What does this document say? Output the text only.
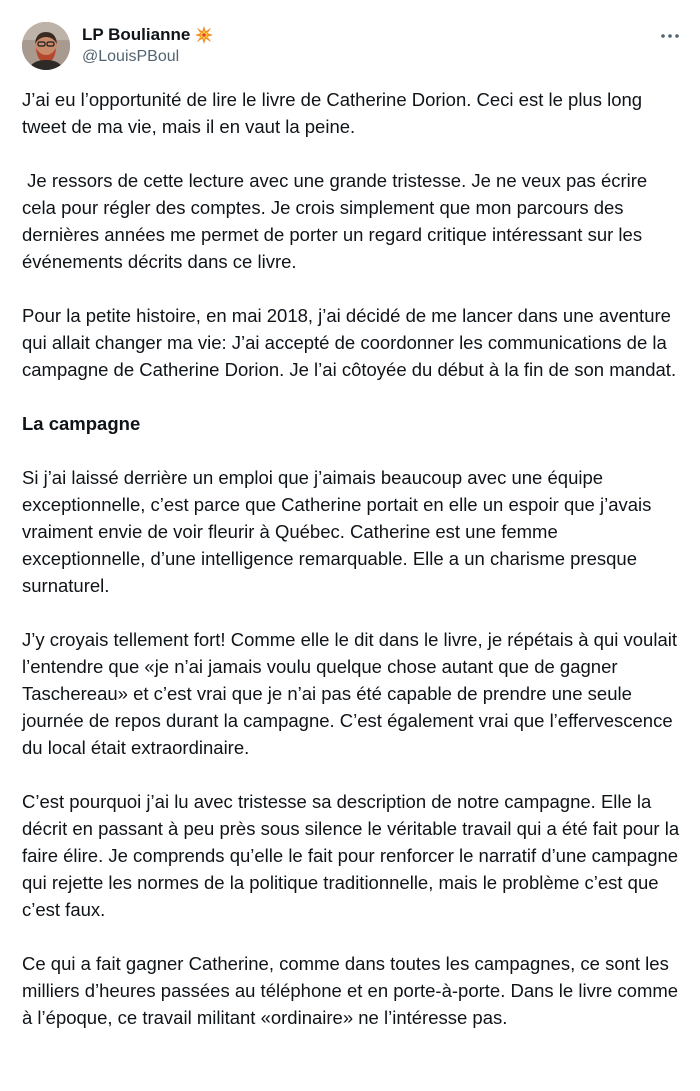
LP Boulianne
@LouisPBoul

J’ai eu l’opportunité de lire le livre de Catherine Dorion. Ceci est le plus long tweet de ma vie, mais il en vaut la peine.

Je ressors de cette lecture avec une grande tristesse. Je ne veux pas écrire cela pour régler des comptes. Je crois simplement que mon parcours des dernières années me permet de porter un regard critique intéressant sur les événements décrits dans ce livre.

Pour la petite histoire, en mai 2018, j’ai décidé de me lancer dans une aventure qui allait changer ma vie: J’ai accepté de coordonner les communications de la campagne de Catherine Dorion. Je l’ai côtoyée du début à la fin de son mandat.

La campagne

Si j’ai laissé derrière un emploi que j’aimais beaucoup avec une équipe exceptionnelle, c’est parce que Catherine portait en elle un espoir que j’avais vraiment envie de voir fleurir à Québec. Catherine est une femme exceptionnelle, d’une intelligence remarquable. Elle a un charisme presque surnaturel.

J’y croyais tellement fort! Comme elle le dit dans le livre, je répétais à qui voulait l’entendre que «je n’ai jamais voulu quelque chose autant que de gagner Taschereau» et c’est vrai que je n’ai pas été capable de prendre une seule journée de repos durant la campagne. C’est également vrai que l’effervescence du local était extraordinaire.

C’est pourquoi j’ai lu avec tristesse sa description de notre campagne. Elle la décrit en passant à peu près sous silence le véritable travail qui a été fait pour la faire élire. Je comprends qu’elle le fait pour renforcer le narratif d’une campagne qui rejette les normes de la politique traditionnelle, mais le problème c’est que c’est faux.

Ce qui a fait gagner Catherine, comme dans toutes les campagnes, ce sont les milliers d’heures passées au téléphone et en porte-à-porte. Dans le livre comme à l’époque, ce travail militant «ordinaire» ne l’intéresse pas.
